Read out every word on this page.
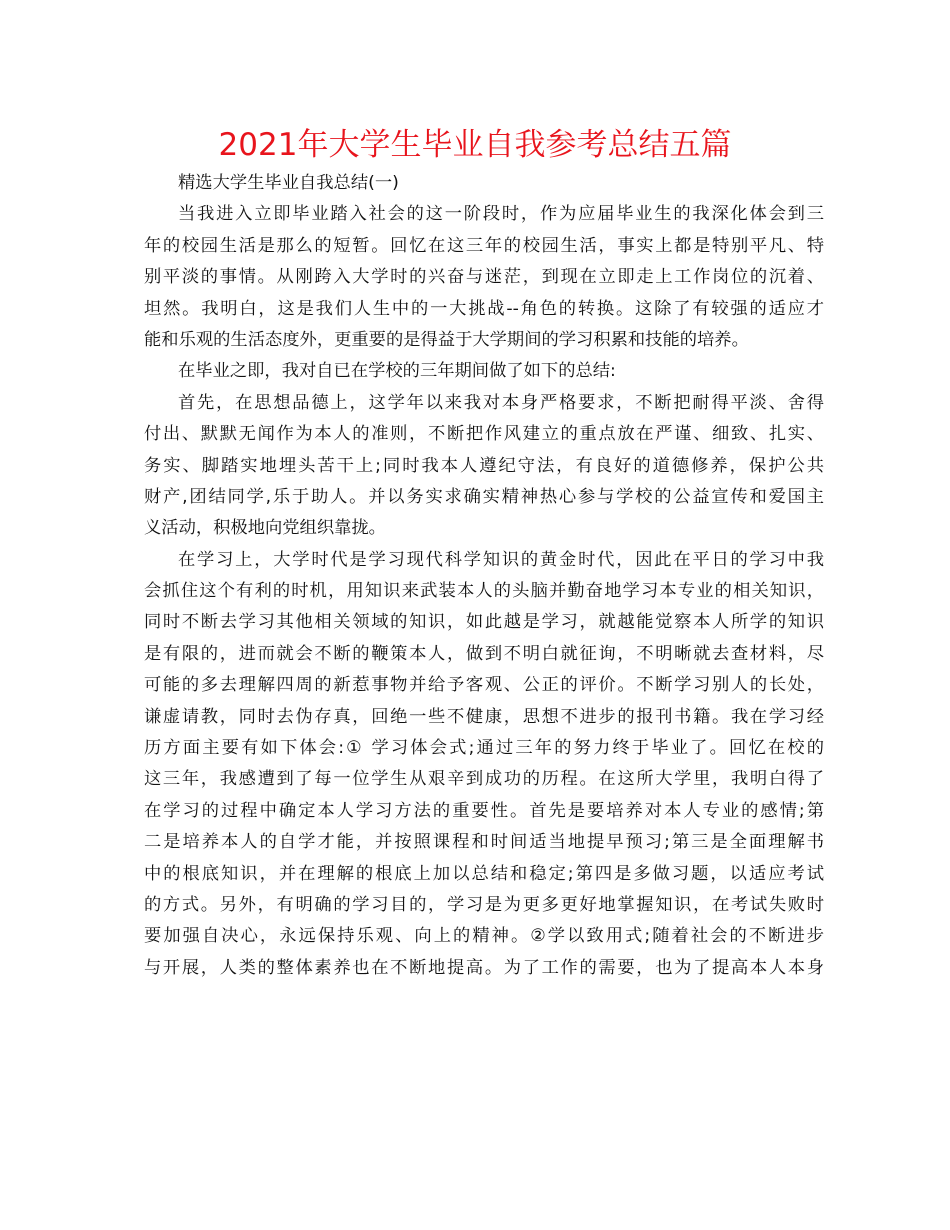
2021年大学生毕业自我参考总结五篇
精选大学生毕业自我总结(一)
当我进入立即毕业踏入社会的这一阶段时，作为应届毕业生的我深化体会到三
年的校园生活是那么的短暂。回忆在这三年的校园生活，事实上都是特别平凡、特
别平淡的事情。从刚跨入大学时的兴奋与迷茫，到现在立即走上工作岗位的沉着、
坦然。我明白，这是我们人生中的一大挑战--角色的转换。这除了有较强的适应才
能和乐观的生活态度外，更重要的是得益于大学期间的学习积累和技能的培养。
在毕业之即，我对自已在学校的三年期间做了如下的总结:
首先，在思想品德上，这学年以来我对本身严格要求，不断把耐得平淡、舍得
付出、默默无闻作为本人的准则，不断把作风建立的重点放在严谨、细致、扎实、
务实、脚踏实地埋头苦干上;同时我本人遵纪守法，有良好的道德修养，保护公共
财产,团结同学,乐于助人。并以务实求确实精神热心参与学校的公益宣传和爱国主
义活动，积极地向党组织靠拢。
在学习上，大学时代是学习现代科学知识的黄金时代，因此在平日的学习中我
会抓住这个有利的时机，用知识来武装本人的头脑并勤奋地学习本专业的相关知识，
同时不断去学习其他相关领域的知识，如此越是学习，就越能觉察本人所学的知识
是有限的，进而就会不断的鞭策本人，做到不明白就征询，不明晰就去查材料，尽
可能的多去理解四周的新惹事物并给予客观、公正的评价。不断学习别人的长处，
谦虚请教，同时去伪存真，回绝一些不健康，思想不进步的报刊书籍。我在学习经
历方面主要有如下体会:① 学习体会式;通过三年的努力终于毕业了。回忆在校的
这三年，我感遭到了每一位学生从艰辛到成功的历程。在这所大学里，我明白得了
在学习的过程中确定本人学习方法的重要性。首先是要培养对本人专业的感情;第
二是培养本人的自学才能，并按照课程和时间适当地提早预习;第三是全面理解书
中的根底知识，并在理解的根底上加以总结和稳定;第四是多做习题，以适应考试
的方式。另外，有明确的学习目的，学习是为更多更好地掌握知识，在考试失败时
要加强自决心，永远保持乐观、向上的精神。②学以致用式;随着社会的不断进步
与开展，人类的整体素养也在不断地提高。为了工作的需要，也为了提高本人本身
